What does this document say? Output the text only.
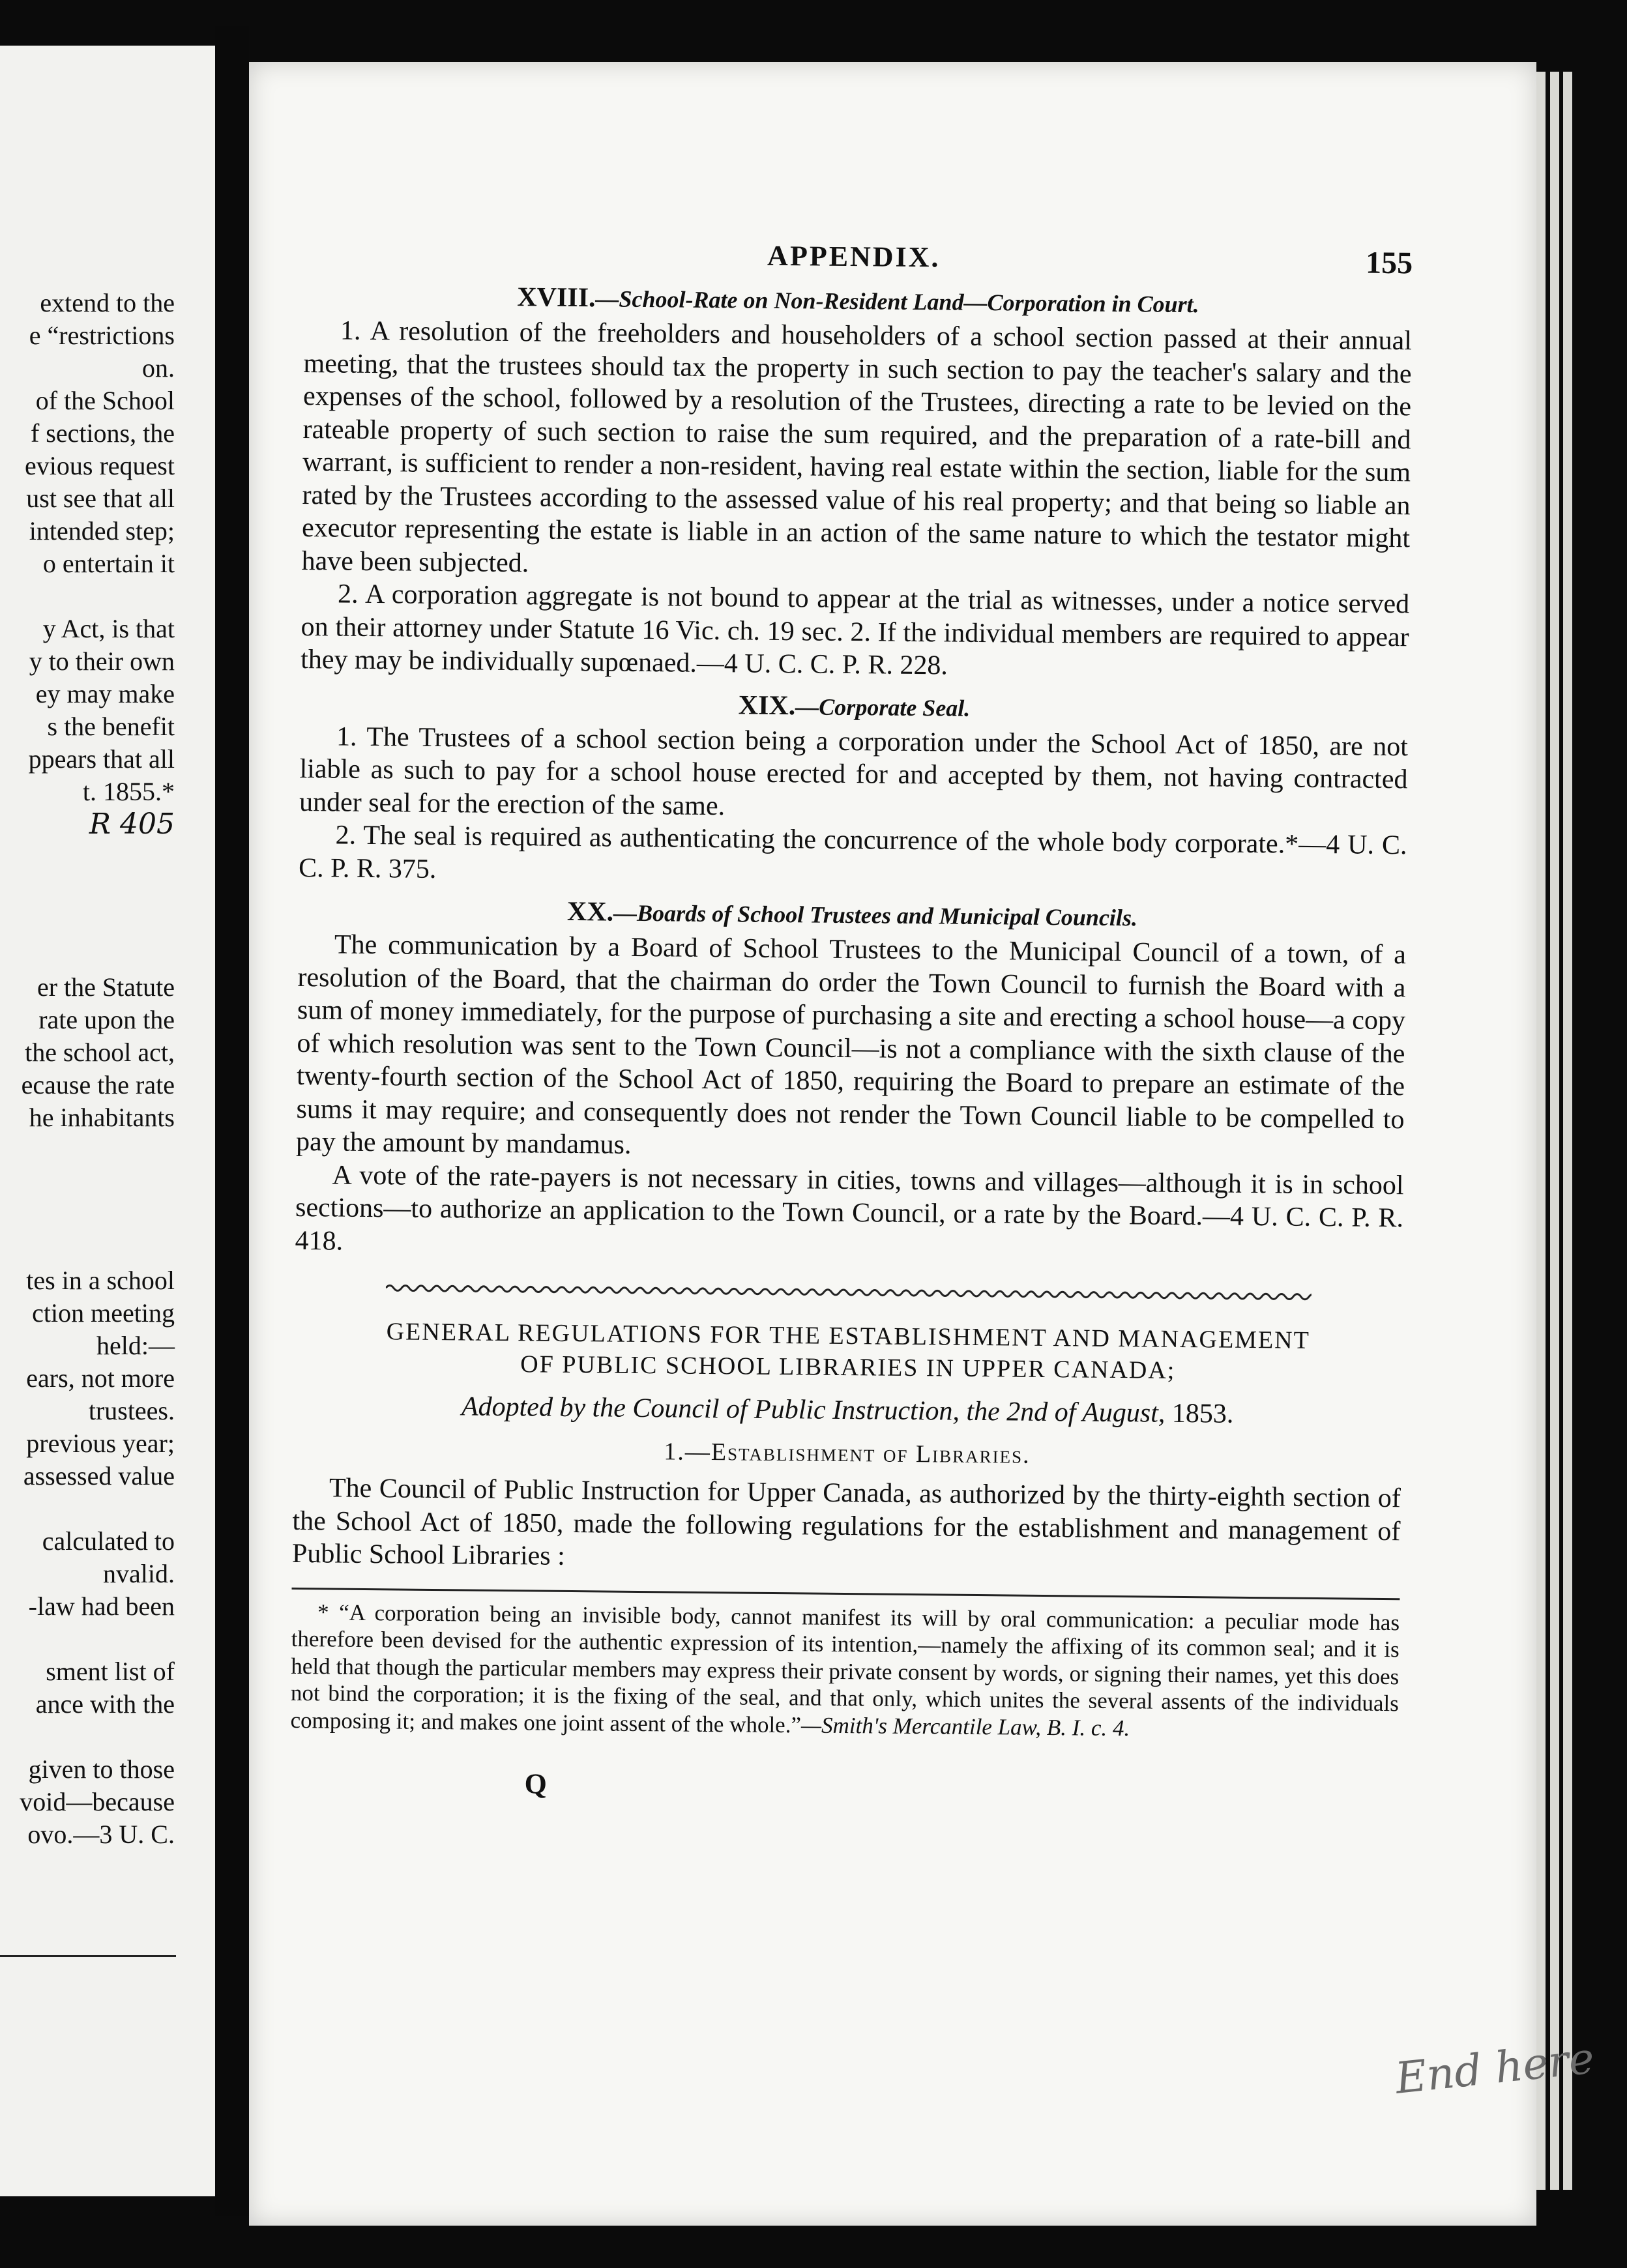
extend to the
e “restrictions
on.
of the School
f sections, the
evious request
ust see that all
intended step;
o entertain it

y Act, is that
y to their own
ey may make
s the benefit
ppears that all
t. 1855.*
R 405

er the Statute
rate upon the
the school act,
ecause the rate
he inhabitants

tes in a school
ction meeting
held:—
ears, not more
trustees.
previous year;
assessed value

calculated to
nvalid.
-law had been

sment list of
ance with the

given to those
void—because
ovo.—3 U. C.
APPENDIX.	155
XVIII.—School-Rate on Non-Resident Land—Corporation in Court.

1. A resolution of the freeholders and householders of a school section passed at their annual meeting, that the trustees should tax the property in such section to pay the teacher's salary and the expenses of the school, followed by a resolution of the Trustees, directing a rate to be levied on the rateable property of such section to raise the sum required, and the preparation of a rate-bill and warrant, is sufficient to render a non-resident, having real estate within the section, liable for the sum rated by the Trustees according to the assessed value of his real property; and that being so liable an executor representing the estate is liable in an action of the same nature to which the testator might have been subjected.

2. A corporation aggregate is not bound to appear at the trial as witnesses, under a notice served on their attorney under Statute 16 Vic. ch. 19 sec. 2. If the individual members are required to appear they may be individually supœnaed.—4 U. C. C. P. R. 228.

XIX.—Corporate Seal.

1. The Trustees of a school section being a corporation under the School Act of 1850, are not liable as such to pay for a school house erected for and accepted by them, not having contracted under seal for the erection of the same.

2. The seal is required as authenticating the concurrence of the whole body corporate.*—4 U. C. C. P. R. 375.

XX.—Boards of School Trustees and Municipal Councils.

The communication by a Board of School Trustees to the Municipal Council of a town, of a resolution of the Board, that the chairman do order the Town Council to furnish the Board with a sum of money immediately, for the purpose of purchasing a site and erecting a school house—a copy of which resolution was sent to the Town Council—is not a compliance with the sixth clause of the twenty-fourth section of the School Act of 1850, requiring the Board to prepare an estimate of the sums it may require; and consequently does not render the Town Council liable to be compelled to pay the amount by mandamus.

A vote of the rate-payers is not necessary in cities, towns and villages—although it is in school sections—to authorize an application to the Town Council, or a rate by the Board.—4 U. C. C. P. R. 418.

GENERAL REGULATIONS FOR THE ESTABLISHMENT AND MANAGEMENT

OF PUBLIC SCHOOL LIBRARIES IN UPPER CANADA;

Adopted by the Council of Public Instruction, the 2nd of August, 1853.

1.—Establishment of Libraries.

The Council of Public Instruction for Upper Canada, as authorized by the thirty-eighth section of the School Act of 1850, made the following regulations for the establishment and management of Public School Libraries :

* “A corporation being an invisible body, cannot manifest its will by oral communication: a peculiar mode has therefore been devised for the authentic expression of its intention,—namely the affixing of its common seal; and it is held that though the particular members may express their private consent by words, or signing their names, yet this does not bind the corporation; it is the fixing of the seal, and that only, which unites the several assents of the individuals composing it; and makes one joint assent of the whole.”—Smith's Mercantile Law, B. I. c. 4.

Q
End here
